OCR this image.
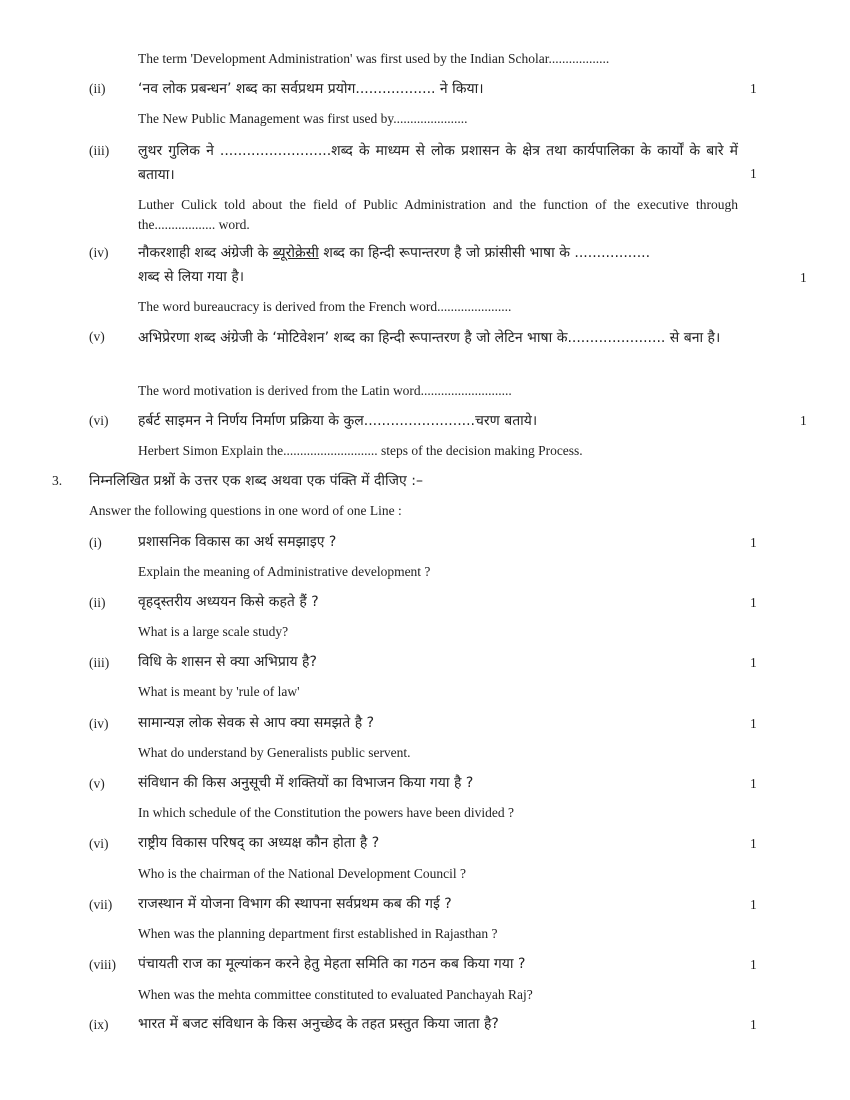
The term 'Development Administration' was first used by the Indian Scholar..................
(ii) ‘नव लोक प्रबन्धन’ शब्द का सर्वप्रथम प्रयोग.................. ने किया।	1
The New Public Management was first used by......................
(iii) लुथर गुलिक ने .........................शब्द के माध्यम से लोक प्रशासन के क्षेत्र तथा कार्यपालिका के कार्यों के बारे में बताया।	1
Luther Culick told about the field of Public Administration and the function of the executive through the.................. word.
(iv) नौकरशाही शब्द अंग्रेजी के ब्यूरोक्रेसी शब्द का हिन्दी रूपान्तरण है जो फ्रांसीसी भाषा के .................
शब्द से लिया गया है।	1
The word bureaucracy is derived from the French word......................
(v) अभिप्रेरणा शब्द अंग्रेजी के ‘मोटिवेशन’ शब्द का हिन्दी रूपान्तरण है जो लेटिन भाषा के...................... से बना है।
The word motivation is derived from the Latin word...........................
(vi) हर्बर्ट साइमन ने निर्णय निर्माण प्रक्रिया के कुल.........................चरण बताये।	1
Herbert Simon Explain the............................ steps of the decision making Process.
3. निम्नलिखित प्रश्नों के उत्तर एक शब्द अथवा एक पंक्ति में दीजिए :–
Answer the following questions in one word of one Line :
(i)	प्रशासनिक विकास का अर्थ समझाइए ?	1
Explain the meaning of Administrative development ?
(ii) वृहद्स्तरीय अध्ययन किसे कहते हैं ?	1
What is a large scale study?
(iii) विधि के शासन से क्या अभिप्राय है?	1
What is meant by 'rule of law'
(iv) सामान्यज्ञ लोक सेवक से आप क्या समझते है ?	1
What do understand by Generalists public servent.
(v) संविधान की किस अनुसूची में शक्तियों का विभाजन किया गया है ?	1
In which schedule of the Constitution the powers have been divided ?
(vi) राष्ट्रीय विकास परिषद् का अध्यक्ष कौन होता है ?	1
Who is the chairman of the National Development Council ?
(vii) राजस्थान में योजना विभाग की स्थापना सर्वप्रथम कब की गई ?	1
When was the planning department first established in Rajasthan ?
(viii) पंचायती राज का मूल्यांकन करने हेतु मेहता समिति का गठन कब किया गया ?	1
When was the mehta committee constituted to evaluated Panchayah Raj?
(ix) भारत में बजट संविधान के किस अनुच्छेद के तहत प्रस्तुत किया जाता है?	1
